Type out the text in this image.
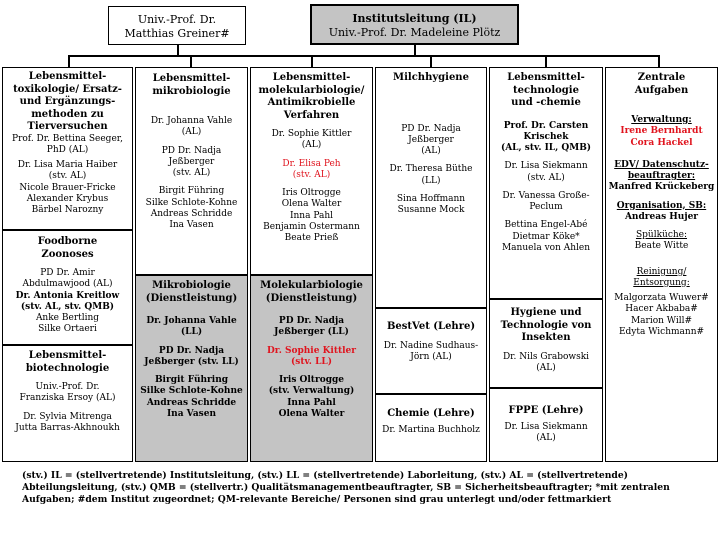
Univ.-Prof. Dr.
Matthias Greiner#
Institutsleitung (IL)
Univ.-Prof. Dr. Madeleine Plötz
Lebensmittel-
toxikologie/ Ersatz-
und Ergänzungs-
methoden zu
Tierversuchen
Prof. Dr. Bettina Seeger,
PhD (AL)
Dr. Lisa Maria Haiber
(stv. AL)
Nicole Brauer-Fricke
Alexander Krybus
Bärbel Narozny
Foodborne
Zoonoses
PD Dr. Amir
Abdulmawjood (AL)
Dr. Antonia Kreitlow
(stv. AL, stv. QMB)
Anke Bertling
Silke Ortaeri
Lebensmittel-
biotechnologie
Univ.-Prof. Dr.
Franziska Ersoy (AL)
Dr. Sylvia Mitrenga
Jutta Barras-Akhnoukh
Lebensmittel-
mikrobiologie
Dr. Johanna Vahle
(AL)
PD Dr. Nadja
Jeßberger
(stv. AL)
Birgit Führing
Silke Schlote-Kohne
Andreas Schridde
Ina Vasen
Mikrobiologie
(Dienstleistung)
Dr. Johanna Vahle
(LL)
PD Dr. Nadja
Jeßberger (stv. LL)
Birgit Führing
Silke Schlote-Kohne
Andreas Schridde
Ina Vasen
Lebensmittel-
molekularbiologie/
Antimikrobielle
Verfahren
Dr. Sophie Kittler
(AL)
Dr. Elisa Peh
(stv. AL)
Iris Oltrogge
Olena Walter
Inna Pahl
Benjamin Ostermann
Beate Prieß
Molekularbiologie
(Dienstleistung)
PD Dr. Nadja
Jeßberger (LL)
Dr. Sophie Kittler
(stv. LL)
Iris Oltrogge
(stv. Verwaltung)
Inna Pahl
Olena Walter
Milchhygiene
PD Dr. Nadja
Jeßberger
(AL)
Dr. Theresa Büthe
(LL)
Sina Hoffmann
Susanne Mock
BestVet (Lehre)
Dr. Nadine Sudhaus-
Jörn (AL)
Chemie (Lehre)
Dr. Martina Buchholz
Lebensmittel-
technologie
und -chemie
Prof. Dr. Carsten
Krischek
(AL, stv. IL, QMB)
Dr. Lisa Siekmann
(stv. AL)
Dr. Vanessa Große-
Peclum
Bettina Engel-Abé
Dietmar Köke*
Manuela von Ahlen
Hygiene und
Technologie von
Insekten
Dr. Nils Grabowski
(AL)
FPPE (Lehre)
Dr. Lisa Siekmann
(AL)
Zentrale
Aufgaben
Verwaltung:
Irene Bernhardt
Cora Hackel
EDV/ Datenschutz-
beauftragter:
Manfred Krückeberg
Organisation, SB:
Andreas Hujer
Spülküche:
Beate Witte
Reinigung/
Entsorgung:
Malgorzata Wuwer#
Hacer Akbaba#
Marion Will#
Edyta Wichmann#
(stv.) IL = (stellvertretende) Institutsleitung, (stv.) LL = (stellvertretende) Laborleitung, (stv.) AL = (stellvertretende) Abteilungsleitung, (stv.) QMB = (stellvertr.) Qualitätsmanagementbeauftragter, SB = Sicherheitsbeauftragter; *mit zentralen Aufgaben; #dem Institut zugeordnet; QM-relevante Bereiche/ Personen sind grau unterlegt und/oder fettmarkiert
